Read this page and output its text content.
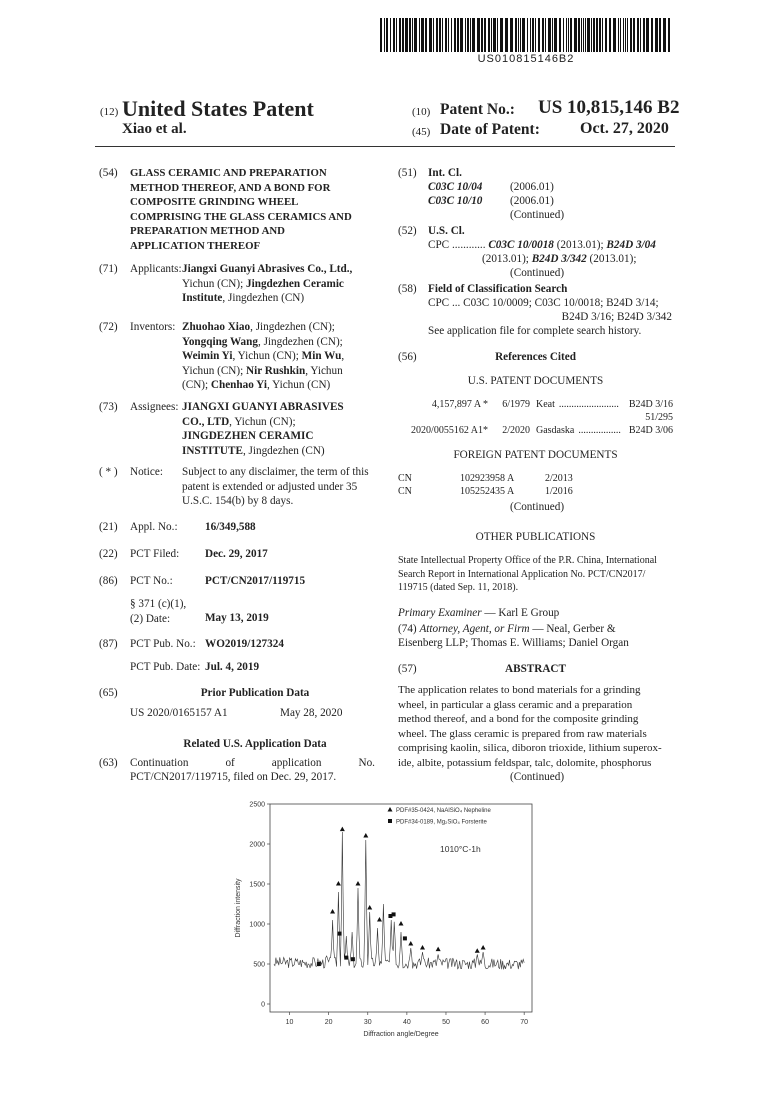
US010815146B2
(12) United States Patent
Xiao et al.
(10) Patent No.: US 10,815,146 B2
(45) Date of Patent:	Oct. 27, 2020
(54) GLASS CERAMIC AND PREPARATION
METHOD THEREOF, AND A BOND FOR
COMPOSITE GRINDING WHEEL
COMPRISING THE GLASS CERAMICS AND
PREPARATION METHOD AND
APPLICATION THEREOF
(71) Applicants: Jiangxi Guanyi Abrasives Co., Ltd.,
Yichun (CN); Jingdezhen Ceramic
Institute, Jingdezhen (CN)
(72) Inventors: Zhuohao Xiao, Jingdezhen (CN);
Yongqing Wang, Jingdezhen (CN);
Weimin Yi, Yichun (CN); Min Wu,
Yichun (CN); Nir Rushkin, Yichun
(CN); Chenhao Yi, Yichun (CN)
(73) Assignees: JIANGXI GUANYI ABRASIVES
CO., LTD, Yichun (CN);
JINGDEZHEN CERAMIC
INSTITUTE, Jingdezhen (CN)
( * ) Notice: Subject to any disclaimer, the term of this
patent is extended or adjusted under 35
U.S.C. 154(b) by 8 days.
(21) Appl. No.: 16/349,588
(22) PCT Filed: Dec. 29, 2017
(86) PCT No.:	PCT/CN2017/119715
§ 371 (c)(1),
(2) Date:	May 13, 2019
(87) PCT Pub. No.: WO2019/127324
PCT Pub. Date: Jul. 4, 2019
(65)	Prior Publication Data
US 2020/0165157 A1	May 28, 2020
Related U.S. Application Data
(63) Continuation	of	application	No.
PCT/CN2017/119715, filed on Dec. 29, 2017.
(51) Int. Cl.
C03C 10/04 (2006.01)
C03C 10/10 (2006.01)
(Continued)
(52) U.S. Cl.
CPC ............ C03C 10/0018 (2013.01); B24D 3/04
(2013.01); B24D 3/342 (2013.01);
(Continued)
(58) Field of Classification Search
CPC ... C03C 10/0009; C03C 10/0018; B24D 3/14;
B24D 3/16; B24D 3/342
See application file for complete search history.
(56)	References Cited
U.S. PATENT DOCUMENTS
4,157,897 A *	6/1979 Keat ........................ B24D 3/16
51/295
2020/0055162 A1*	2/2020 Gasdaska ................. B24D 3/06
FOREIGN PATENT DOCUMENTS
CN	102923958 A	2/2013
CN	105252435 A	1/2016
(Continued)
OTHER PUBLICATIONS
State Intellectual Property Office of the P.R. China, International
Search Report in International Application No. PCT/CN2017/
119715 (dated Sep. 11, 2018).
Primary Examiner — Karl E Group
(74) Attorney, Agent, or Firm — Neal, Gerber &
Eisenberg LLP; Thomas E. Williams; Daniel Organ
(57)	ABSTRACT
The application relates to bond materials for a grinding
wheel, in particular a glass ceramic and a preparation
method thereof, and a bond for the composite grinding
wheel. The glass ceramic is prepared from raw materials
comprising kaolin, silica, diboron trioxide, lithium superox-
ide, albite, potassium feldspar, talc, dolomite, phosphorus
(Continued)
10	20	30	40	50	60	70
0
500
1000
1500
2000
2500
Diffraction angle/Degree
Diffraction intensity
PDF#35-0424, NaAlSiO₄ Nepheline
PDF#34-0189, Mg₂SiO₄ Forsterite
1010°C-1h
